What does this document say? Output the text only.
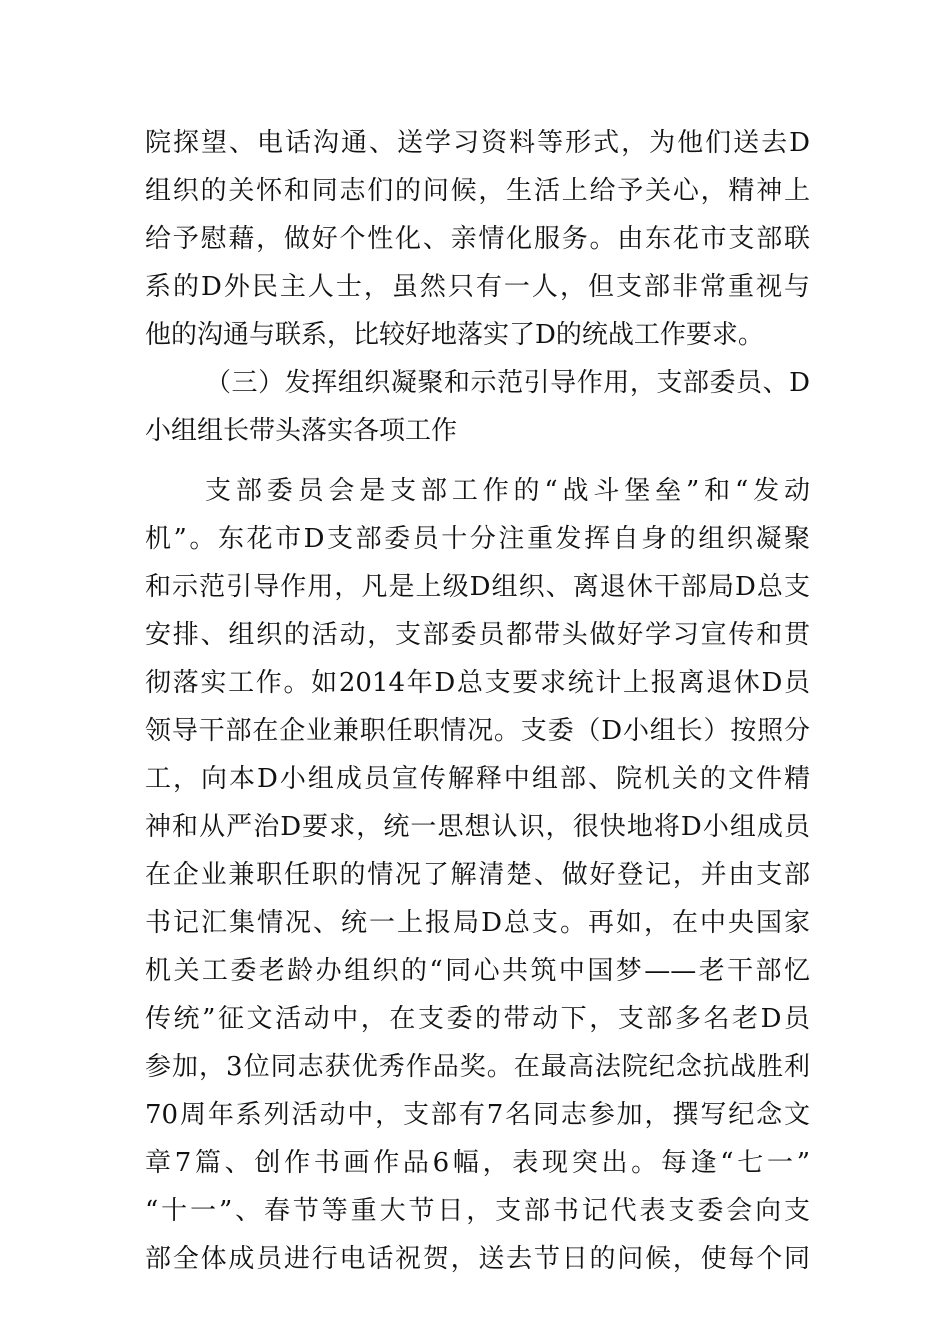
院探望、电话沟通、送学习资料等形式，为他们送去D
组织的关怀和同志们的问候，生活上给予关心，精神上
给予慰藉，做好个性化、亲情化服务。由东花市支部联
系的D外民主人士，虽然只有一人，但支部非常重视与
他的沟通与联系，比较好地落实了D的统战工作要求。
（三）发挥组织凝聚和示范引导作用，支部委员、D
小组组长带头落实各项工作
支部委员会是支部工作的“战斗堡垒”和“发动
机”。东花市D支部委员十分注重发挥自身的组织凝聚
和示范引导作用，凡是上级D组织、离退休干部局D总支
安排、组织的活动，支部委员都带头做好学习宣传和贯
彻落实工作。如2014年D总支要求统计上报离退休D员
领导干部在企业兼职任职情况。支委（D小组长）按照分
工，向本D小组成员宣传解释中组部、院机关的文件精
神和从严治D要求，统一思想认识，很快地将D小组成员
在企业兼职任职的情况了解清楚、做好登记，并由支部
书记汇集情况、统一上报局D总支。再如，在中央国家
机关工委老龄办组织的“同心共筑中国梦——老干部忆
传统”征文活动中，在支委的带动下，支部多名老D员
参加，3位同志获优秀作品奖。在最高法院纪念抗战胜利
70周年系列活动中，支部有7名同志参加，撰写纪念文
章7篇、创作书画作品6幅，表现突出。每逢“七一”
“十一”、春节等重大节日，支部书记代表支委会向支
部全体成员进行电话祝贺，送去节日的问候，使每个同
